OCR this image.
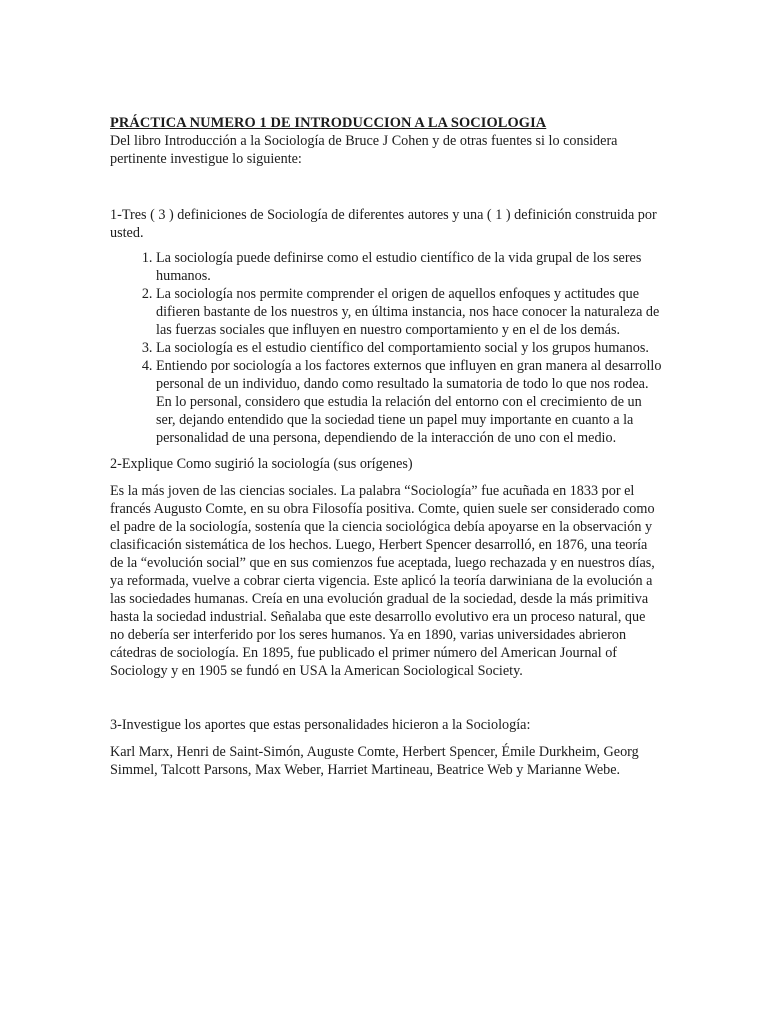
PRÁCTICA NUMERO 1 DE INTRODUCCION A LA SOCIOLOGIA

Del libro Introducción a la Sociología de Bruce J Cohen y de otras fuentes si lo considera pertinente investigue lo siguiente:

1-Tres ( 3 ) definiciones de Sociología de diferentes autores y una ( 1 ) definición construida por usted.

1. La sociología puede definirse como el estudio científico de la vida grupal de los seres humanos.
2. La sociología nos permite comprender el origen de aquellos enfoques y actitudes que difieren bastante de los nuestros y, en última instancia, nos hace conocer la naturaleza de las fuerzas sociales que influyen en nuestro comportamiento y en el de los demás.
3. La sociología es el estudio científico del comportamiento social y los grupos humanos.
4. Entiendo por sociología a los factores externos que influyen en gran manera al desarrollo personal de un individuo, dando como resultado la sumatoria de todo lo que nos rodea. En lo personal, considero que estudia la relación del entorno con el crecimiento de un ser, dejando entendido que la sociedad tiene un papel muy importante en cuanto a la personalidad de una persona, dependiendo de la interacción de uno con el medio.

2-Explique Como sugirió la sociología (sus orígenes)

Es la más joven de las ciencias sociales. La palabra “Sociología” fue acuñada en 1833 por el francés Augusto Comte, en su obra Filosofía positiva. Comte, quien suele ser considerado como el padre de la sociología, sostenía que la ciencia sociológica debía apoyarse en la observación y clasificación sistemática de los hechos. Luego, Herbert Spencer desarrolló, en 1876, una teoría de la “evolución social” que en sus comienzos fue aceptada, luego rechazada y en nuestros días, ya reformada, vuelve a cobrar cierta vigencia. Este aplicó la teoría darwiniana de la evolución a las sociedades humanas. Creía en una evolución gradual de la sociedad, desde la más primitiva hasta la sociedad industrial. Señalaba que este desarrollo evolutivo era un proceso natural, que no debería ser interferido por los seres humanos. Ya en 1890, varias universidades abrieron cátedras de sociología. En 1895, fue publicado el primer número del American Journal of Sociology y en 1905 se fundó en USA la American Sociological Society.

3-Investigue los aportes que estas personalidades hicieron a la Sociología:

Karl Marx, Henri de Saint-Simón, Auguste Comte, Herbert Spencer, Émile Durkheim, Georg Simmel, Talcott Parsons, Max Weber, Harriet Martineau, Beatrice Web y Marianne Webe.
